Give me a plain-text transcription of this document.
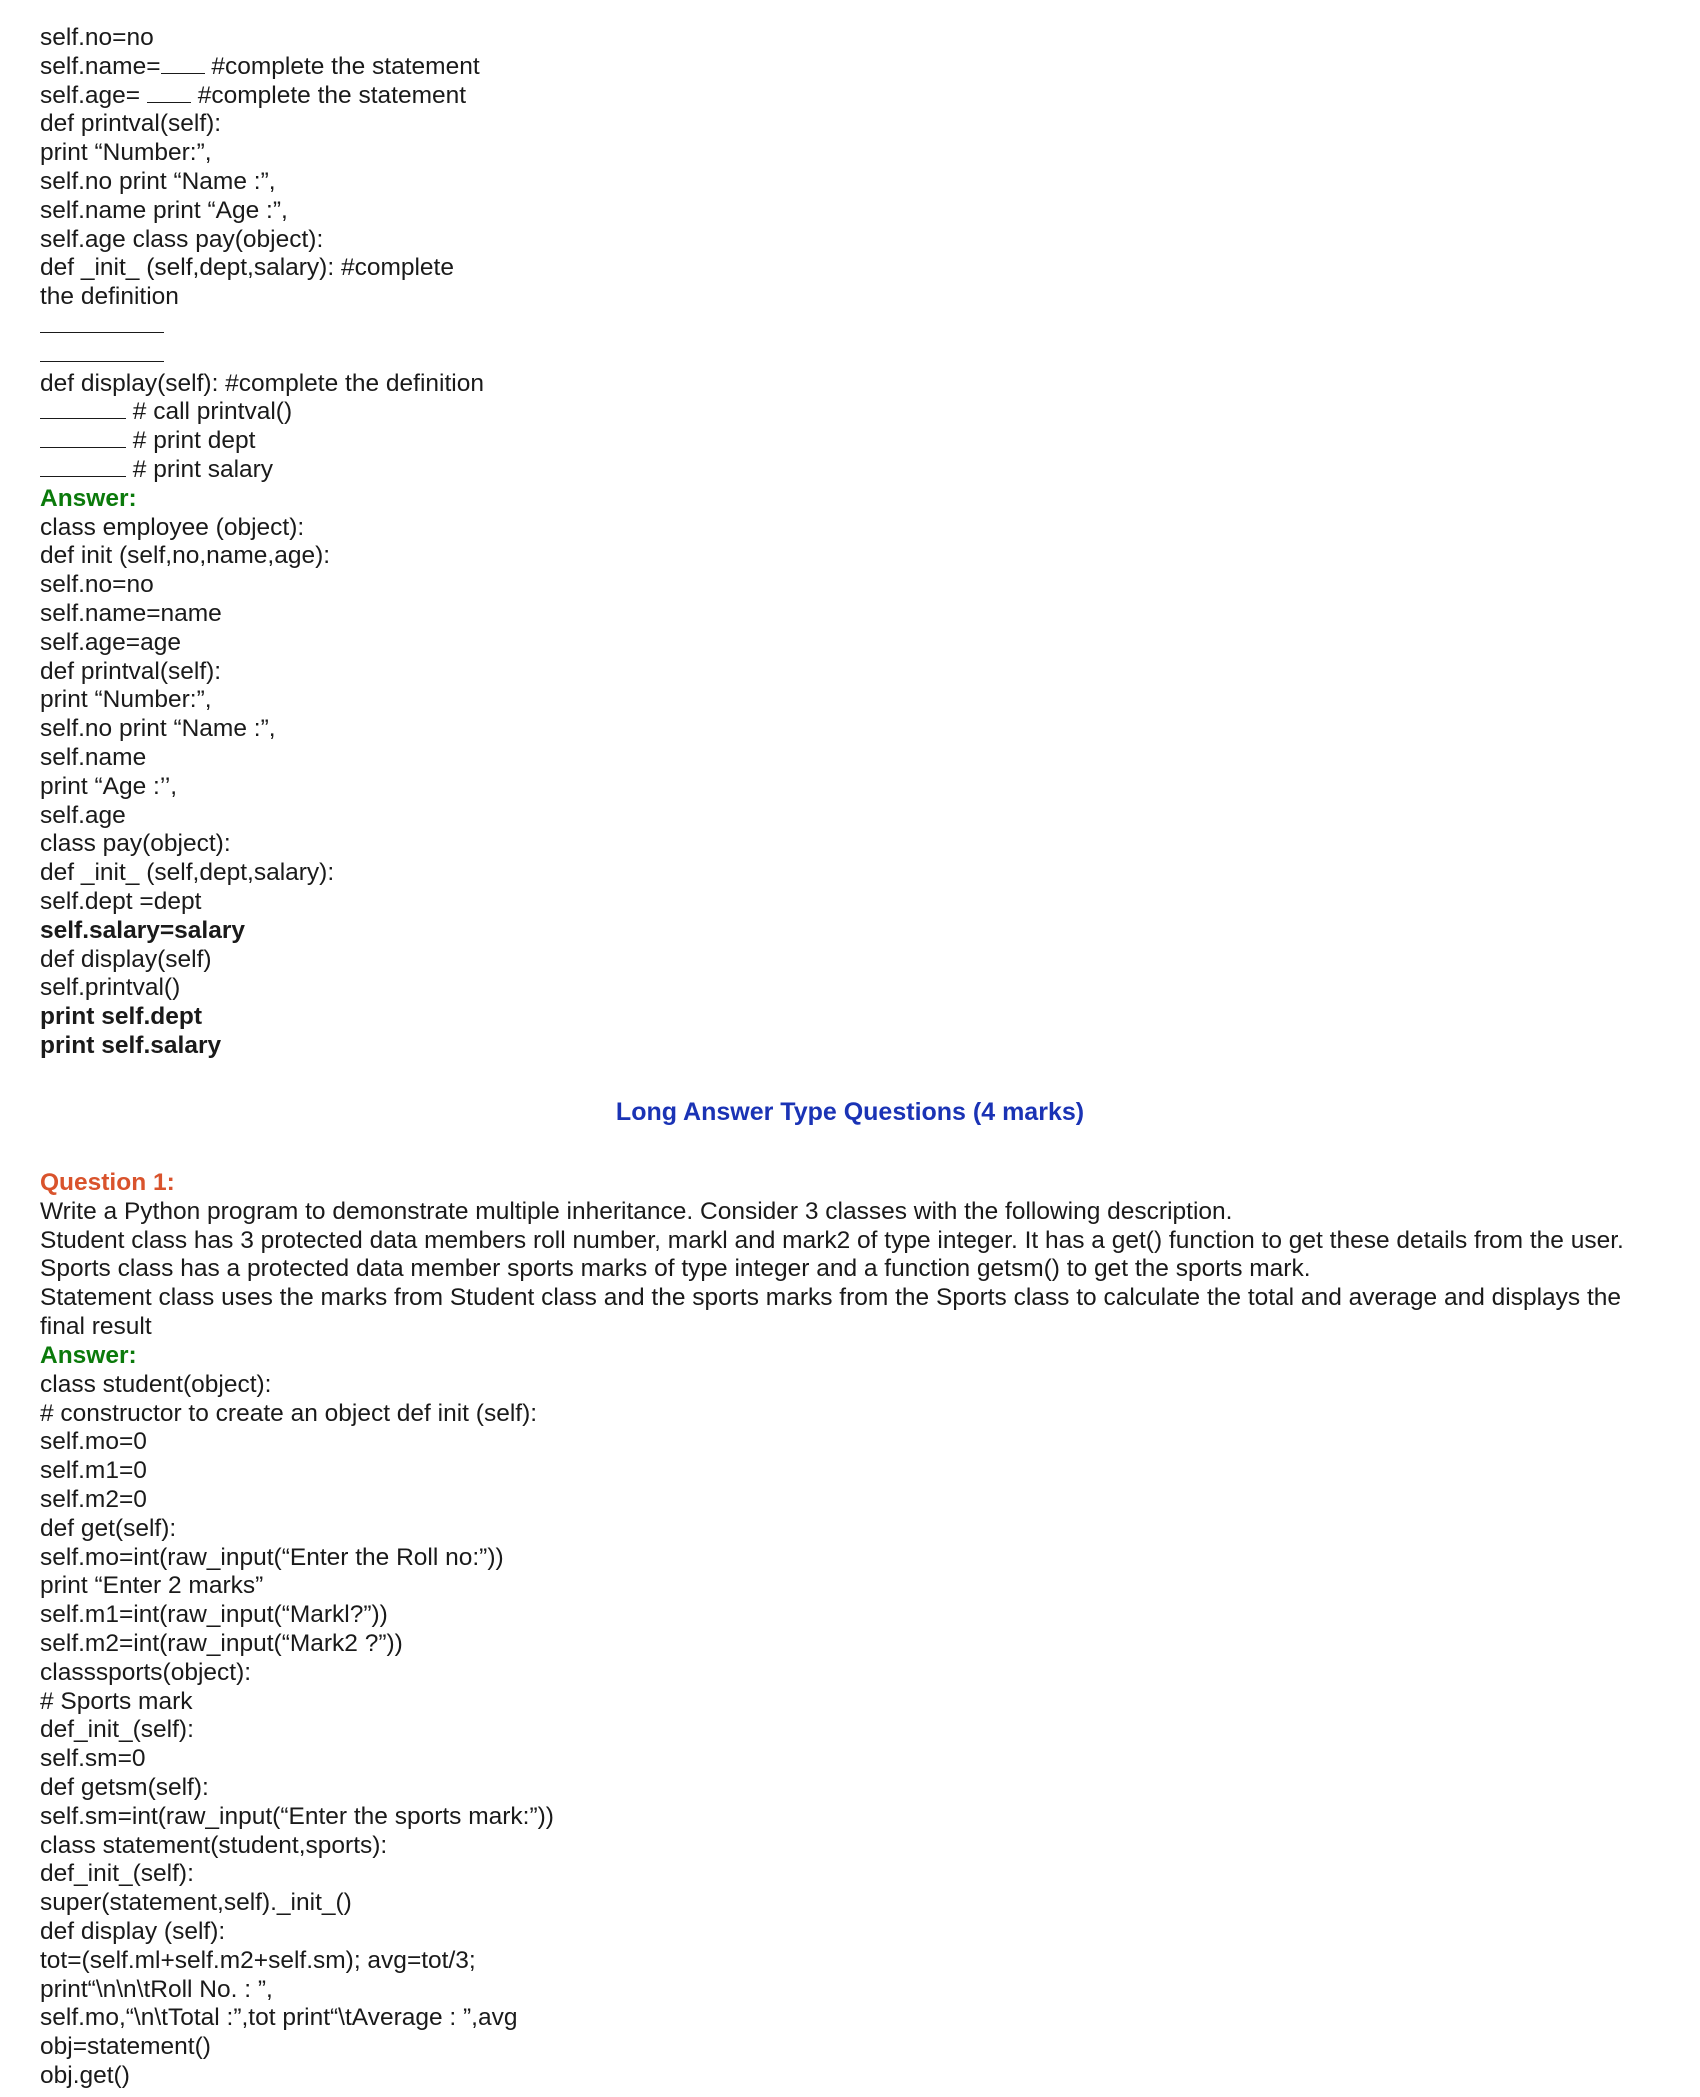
self.no=no
self.name= #complete the statement
self.age=  #complete the statement
def printval(self):
print “Number:”,
self.no print “Name :”,
self.name print “Age :”,
self.age class pay(object):
def _init_ (self,dept,salary): #complete
the definition
def display(self): #complete the definition
# call printval()
# print dept
# print salary
Answer:
class employee (object):
def init (self,no,name,age):
self.no=no
self.name=name
self.age=age
def printval(self):
print “Number:”,
self.no print “Name :”,
self.name
print “Age :’’,
self.age
class pay(object):
def _init_ (self,dept,salary):
self.dept =dept
self.salary=salary
def display(self)
self.printval()
print self.dept
print self.salary
Long Answer Type Questions (4 marks)
Question 1:
Write a Python program to demonstrate multiple inheritance. Consider 3 classes with the following description.
Student class has 3 protected data members roll number, markl and mark2 of type integer. It has a get() function to get these details from the user.
Sports class has a protected data member sports marks of type integer and a function getsm() to get the sports mark.
Statement class uses the marks from Student class and the sports marks from the Sports class to calculate the total and average and displays the final result
Answer:
class student(object):
# constructor to create an object def init (self):
self.mo=0
self.m1=0
self.m2=0
def get(self):
self.mo=int(raw_input(“Enter the Roll no:”))
print “Enter 2 marks”
self.m1=int(raw_input(“Markl?”))
self.m2=int(raw_input(“Mark2 ?”))
classsports(object):
# Sports mark
def_init_(self):
self.sm=0
def getsm(self):
self.sm=int(raw_input(“Enter the sports mark:”))
class statement(student,sports):
def_init_(self):
super(statement,self)._init_()
def display (self):
tot=(self.ml+self.m2+self.sm); avg=tot/3;
print“\n\n\tRoll No. : ”,
self.mo,“\n\tTotal :”,tot print“\tAverage : ”,avg
obj=statement()
obj.get()
